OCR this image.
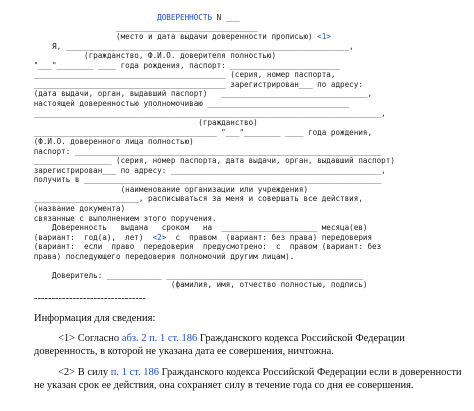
ДОВЕРЕННОСТЬ N ___
_______________________________
(место и дата выдачи доверенности прописью) <1>
Я, ______________________________________________________________,
(гражданство, Ф.И.О. доверителя полностью)
"___"________ ____ года рождения, паспорт: ________________________
__________________________________________ (серия, номер паспорта,
__________________________________________ зарегистрирован___ по адресу:
(дата выдачи, орган, выдавший паспорт)   ________________________________,
настоящей доверенностью уполномочиваю _______________________________
____________________________________________________________________________,
(гражданство)
________________________________________ "___"________ ____ года рождения,
(Ф.И.О. доверенного лица полностью)
паспорт: ___________________________________________________________________
_________________ (серия, номер паспорта, дата выдачи, орган, выдавший паспорт)
зарегистрирован___ по адресу: ______________________________________________,
получить в _________________________________________________________________
(наименование организации или учреждения)
_______________________, расписываться за меня и совершать все действия,
(название документа)
связанные с выполнением этого поручения.
Доверенность   выдана   сроком   на  _____________________ месяца(ев)
(вариант:  год(а),  лет)  <2>  с  правом  (вариант: без права) передоверия
(вариант:  если  право  передоверия  предусмотрено:  с  правом (вариант: без
права) последующего передоверия полномочий другим лицам).
Доверитель: ____________ ___________________________________________
(фамилия, имя, отчество полностью, подпись)
--------------------------------
Информация для сведения:
<1> Согласно абз. 2 п. 1 ст. 186 Гражданского кодекса Российской Федерации
доверенность, в которой не указана дата ее совершения, ничтожна.
<2> В силу п. 1 ст. 186 Гражданского кодекса Российской Федерации если в доверенности
не указан срок ее действия, она сохраняет силу в течение года со дня ее совершения.
